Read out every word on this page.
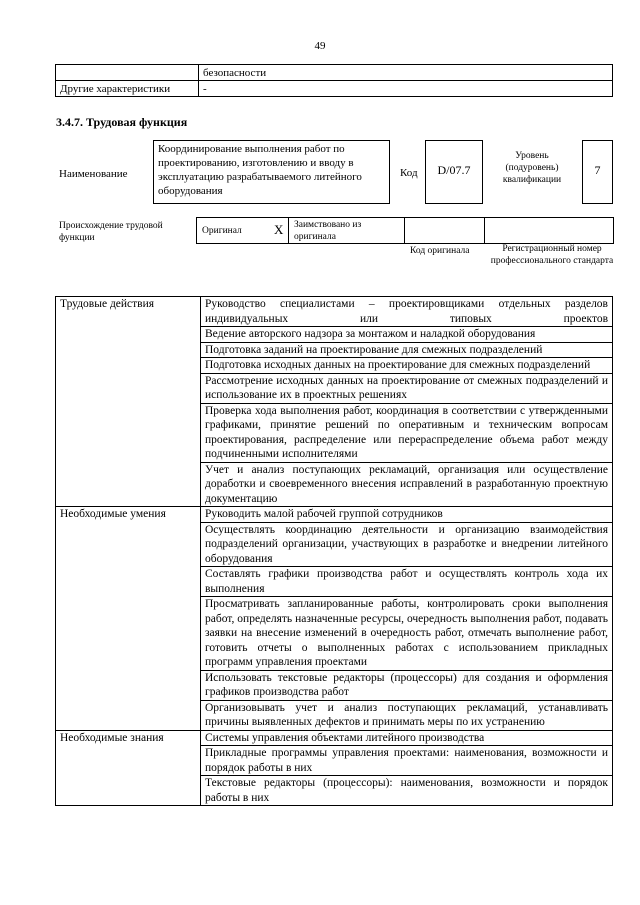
49
безопасности
Другие характеристики	-
3.4.7. Трудовая функция
Наименование
Координирование выполнения работ по проектированию, изготовлению и вводу в эксплуатацию разрабатываемого литейного оборудования
Код	D/07.7
Уровень (подуровень) квалификации
7
Происхождение трудовой функции
Оригинал X Заимствовано из оригинала
Код оригинала	Регистрационный номер профессионального стандарта
Трудовые действия	Руководство специалистами – проектировщиками отдельных разделов индивидуальных или типовых проектов
	Ведение авторского надзора за монтажом и наладкой оборудования
	Подготовка заданий на проектирование для смежных подразделений
	Подготовка исходных данных на проектирование для смежных подразделений
	Рассмотрение исходных данных на проектирование от смежных подразделений и использование их в проектных решениях
	Проверка хода выполнения работ, координация в соответствии с утвержденными графиками, принятие решений по оперативным и техническим вопросам проектирования, распределение или перераспределение объема работ между подчиненными исполнителями
	Учет и анализ поступающих рекламаций, организация или осуществление доработки и своевременного внесения исправлений в разработанную проектную документацию
Необходимые умения	Руководить малой рабочей группой сотрудников
	Осуществлять координацию деятельности и организацию взаимодействия подразделений организации, участвующих в разработке и внедрении литейного оборудования
	Составлять графики производства работ и осуществлять контроль хода их выполнения
	Просматривать запланированные работы, контролировать сроки выполнения работ, определять назначенные ресурсы, очередность выполнения работ, подавать заявки на внесение изменений в очередность работ, отмечать выполнение работ, готовить отчеты о выполненных работах с использованием прикладных программ управления проектами
	Использовать текстовые редакторы (процессоры) для создания и оформления графиков производства работ
	Организовывать учет и анализ поступающих рекламаций, устанавливать причины выявленных дефектов и принимать меры по их устранению
Необходимые знания	Системы управления объектами литейного производства
	Прикладные программы управления проектами: наименования, возможности и порядок работы в них
	Текстовые редакторы (процессоры): наименования, возможности и порядок работы в них
